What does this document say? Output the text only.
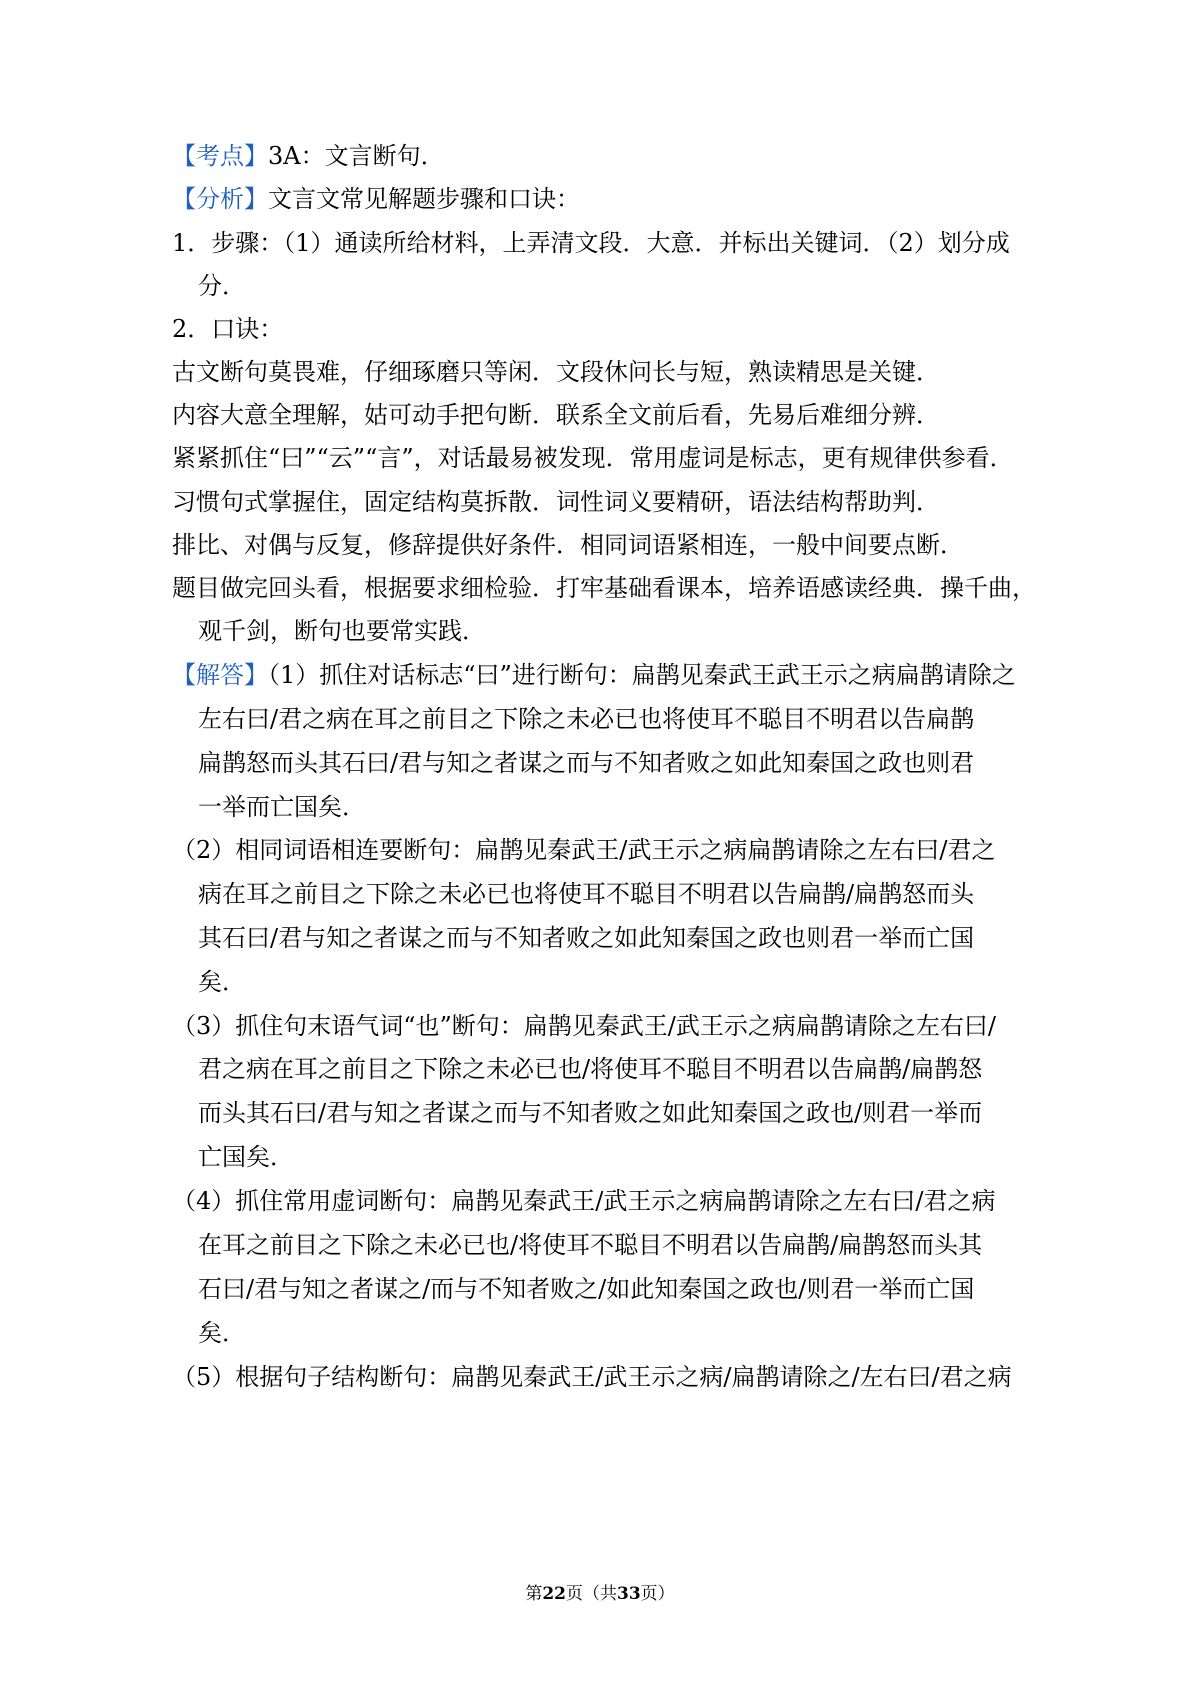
【考点】3A：文言断句．
【分析】文言文常见解题步骤和口诀：
1．步骤：（1）通读所给材料，上弄清文段．大意．并标出关键词．（2）划分成
分．
2．口诀：
古文断句莫畏难，仔细琢磨只等闲．文段休问长与短，熟读精思是关键．
内容大意全理解，姑可动手把句断．联系全文前后看，先易后难细分辨．
紧紧抓住“曰”“云”“言”，对话最易被发现．常用虚词是标志，更有规律供参看．
习惯句式掌握住，固定结构莫拆散．词性词义要精研，语法结构帮助判．
排比、对偶与反复，修辞提供好条件．相同词语紧相连，一般中间要点断．
题目做完回头看，根据要求细检验．打牢基础看课本，培养语感读经典．操千曲，
观千剑，断句也要常实践．
【解答】（1）抓住对话标志“曰”进行断句：扁鹊见秦武王武王示之病扁鹊请除之
左右曰/君之病在耳之前目之下除之未必已也将使耳不聪目不明君以告扁鹊
扁鹊怒而头其石曰/君与知之者谋之而与不知者败之如此知秦国之政也则君
一举而亡国矣．
（2）相同词语相连要断句：扁鹊见秦武王/武王示之病扁鹊请除之左右曰/君之
病在耳之前目之下除之未必已也将使耳不聪目不明君以告扁鹊/扁鹊怒而头
其石曰/君与知之者谋之而与不知者败之如此知秦国之政也则君一举而亡国
矣．
（3）抓住句末语气词“也”断句：扁鹊见秦武王/武王示之病扁鹊请除之左右曰/
君之病在耳之前目之下除之未必已也/将使耳不聪目不明君以告扁鹊/扁鹊怒
而头其石曰/君与知之者谋之而与不知者败之如此知秦国之政也/则君一举而
亡国矣．
（4）抓住常用虚词断句：扁鹊见秦武王/武王示之病扁鹊请除之左右曰/君之病
在耳之前目之下除之未必已也/将使耳不聪目不明君以告扁鹊/扁鹊怒而头其
石曰/君与知之者谋之/而与不知者败之/如此知秦国之政也/则君一举而亡国
矣．
（5）根据句子结构断句：扁鹊见秦武王/武王示之病/扁鹊请除之/左右曰/君之病
第22页（共33页）
